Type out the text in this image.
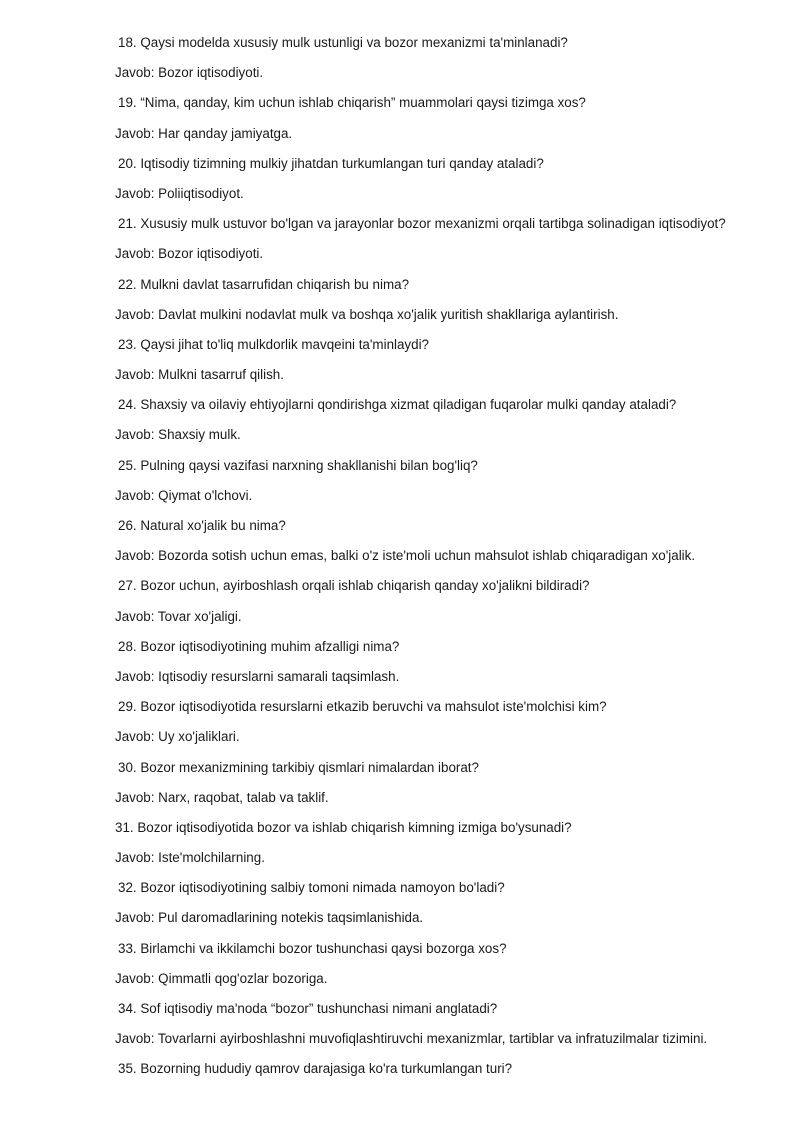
18. Qaysi modelda xususiy mulk ustunligi va bozor mexanizmi ta'minlanadi?
Javob: Bozor iqtisodiyoti.
19. “Nima, qanday, kim uchun ishlab chiqarish” muammolari qaysi tizimga xos?
Javob: Har qanday jamiyatga.
20. Iqtisodiy tizimning mulkiy jihatdan turkumlangan turi qanday ataladi?
Javob: Poliiqtisodiyot.
21. Xususiy mulk ustuvor bo'lgan va jarayonlar bozor mexanizmi orqali tartibga solinadigan iqtisodiyot?
Javob: Bozor iqtisodiyoti.
22. Mulkni davlat tasarrufidan chiqarish bu nima?
Javob: Davlat mulkini nodavlat mulk va boshqa xo'jalik yuritish shakllariga aylantirish.
23. Qaysi jihat to'liq mulkdorlik mavqeini ta'minlaydi?
Javob: Mulkni tasarruf qilish.
24. Shaxsiy va oilaviy ehtiyojlarni qondirishga xizmat qiladigan fuqarolar mulki qanday ataladi?
Javob: Shaxsiy mulk.
25. Pulning qaysi vazifasi narxning shakllanishi bilan bog'liq?
Javob: Qiymat o'lchovi.
26. Natural xo'jalik bu nima?
Javob: Bozorda sotish uchun emas, balki o'z iste'moli uchun mahsulot ishlab chiqaradigan xo'jalik.
27. Bozor uchun, ayirboshlash orqali ishlab chiqarish qanday xo'jalikni bildiradi?
Javob: Tovar xo'jaligi.
28. Bozor iqtisodiyotining muhim afzalligi nima?
Javob: Iqtisodiy resurslarni samarali taqsimlash.
29. Bozor iqtisodiyotida resurslarni etkazib beruvchi va mahsulot iste'molchisi kim?
Javob: Uy xo'jaliklari.
30. Bozor mexanizmining tarkibiy qismlari nimalardan iborat?
Javob: Narx, raqobat, talab va taklif.
31. Bozor iqtisodiyotida bozor va ishlab chiqarish kimning izmiga bo'ysunadi?
Javob: Iste'molchilarning.
32. Bozor iqtisodiyotining salbiy tomoni nimada namoyon bo'ladi?
Javob: Pul daromadlarining notekis taqsimlanishida.
33. Birlamchi va ikkilamchi bozor tushunchasi qaysi bozorga xos?
Javob: Qimmatli qog'ozlar bozoriga.
34. Sof iqtisodiy ma'noda “bozor” tushunchasi nimani anglatadi?
Javob: Tovarlarni ayirboshlashni muvofiqlashtiruvchi mexanizmlar, tartiblar va infratuzilmalar tizimini.
35. Bozorning hududiy qamrov darajasiga ko'ra turkumlangan turi?
